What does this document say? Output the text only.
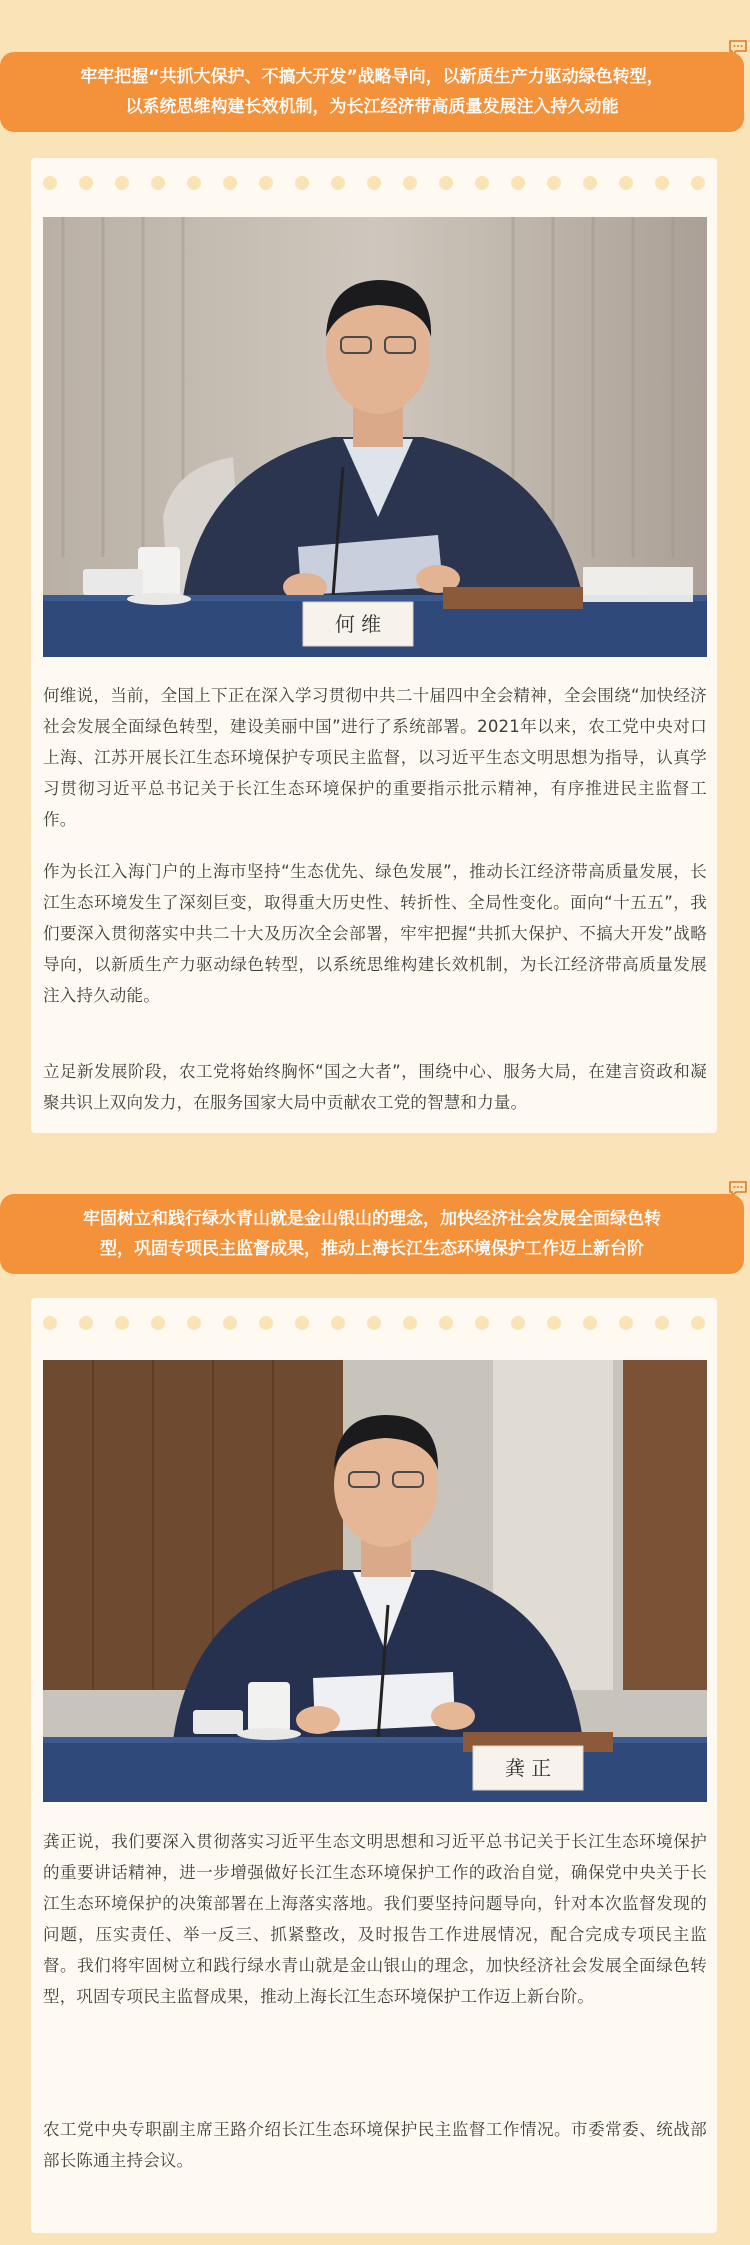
牢牢把握“共抓大保护、不搞大开发”战略导向，以新质生产力驱动绿色转型，
以系统思维构建长效机制，为长江经济带高质量发展注入持久动能
何 维

何维说，当前，全国上下正在深入学习贯彻中共二十届四中全会精神，全会围绕“加快经济社会发展全面绿色转型，建设美丽中国”进行了系统部署。2021年以来，农工党中央对口上海、江苏开展长江生态环境保护专项民主监督，以习近平生态文明思想为指导，认真学习贯彻习近平总书记关于长江生态环境保护的重要指示批示精神，有序推进民主监督工作。

作为长江入海门户的上海市坚持“生态优先、绿色发展”，推动长江经济带高质量发展，长江生态环境发生了深刻巨变，取得重大历史性、转折性、全局性变化。面向“十五五”，我们要深入贯彻落实中共二十大及历次全会部署，牢牢把握“共抓大保护、不搞大开发”战略导向，以新质生产力驱动绿色转型，以系统思维构建长效机制，为长江经济带高质量发展注入持久动能。

立足新发展阶段，农工党将始终胸怀“国之大者”，围绕中心、服务大局，在建言资政和凝聚共识上双向发力，在服务国家大局中贡献农工党的智慧和力量。

牢固树立和践行绿水青山就是金山银山的理念，加快经济社会发展全面绿色转
型，巩固专项民主监督成果，推动上海长江生态环境保护工作迈上新台阶
龚 正

龚正说，我们要深入贯彻落实习近平生态文明思想和习近平总书记关于长江生态环境保护的重要讲话精神，进一步增强做好长江生态环境保护工作的政治自觉，确保党中央关于长江生态环境保护的决策部署在上海落实落地。我们要坚持问题导向，针对本次监督发现的问题，压实责任、举一反三、抓紧整改，及时报告工作进展情况，配合完成专项民主监督。我们将牢固树立和践行绿水青山就是金山银山的理念，加快经济社会发展全面绿色转型，巩固专项民主监督成果，推动上海长江生态环境保护工作迈上新台阶。

农工党中央专职副主席王路介绍长江生态环境保护民主监督工作情况。市委常委、统战部部长陈通主持会议。
